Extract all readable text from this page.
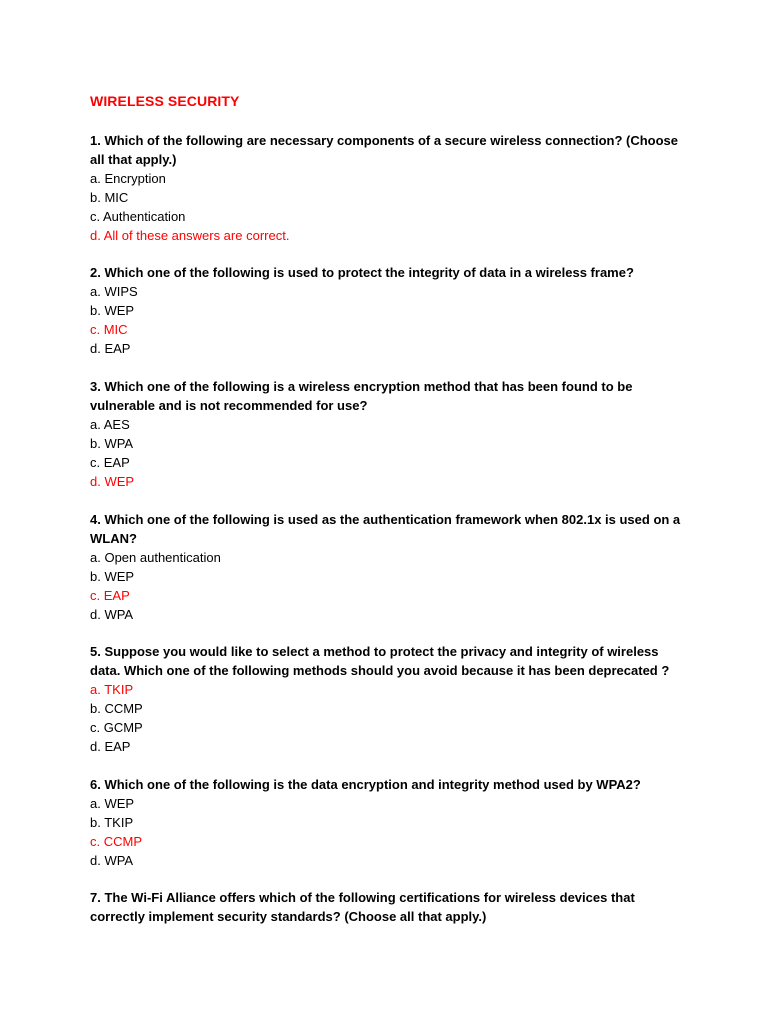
WIRELESS SECURITY
1. Which of the following are necessary components of a secure wireless connection? (Choose all that apply.)
a. Encryption
b. MIC
c. Authentication
d. All of these answers are correct.
2. Which one of the following is used to protect the integrity of data in a wireless frame?
a. WIPS
b. WEP
c. MIC
d. EAP
3. Which one of the following is a wireless encryption method that has been found to be vulnerable and is not recommended for use?
a. AES
b. WPA
c. EAP
d. WEP
4. Which one of the following is used as the authentication framework when 802.1x is used on a WLAN?
a. Open authentication
b. WEP
c. EAP
d. WPA
5. Suppose you would like to select a method to protect the privacy and integrity of wireless data. Which one of the following methods should you avoid because it has been deprecated ?
a. TKIP
b. CCMP
c. GCMP
d. EAP
6. Which one of the following is the data encryption and integrity method used by WPA2?
a. WEP
b. TKIP
c. CCMP
d. WPA
7. The Wi-Fi Alliance offers which of the following certifications for wireless devices that correctly implement security standards? (Choose all that apply.)
